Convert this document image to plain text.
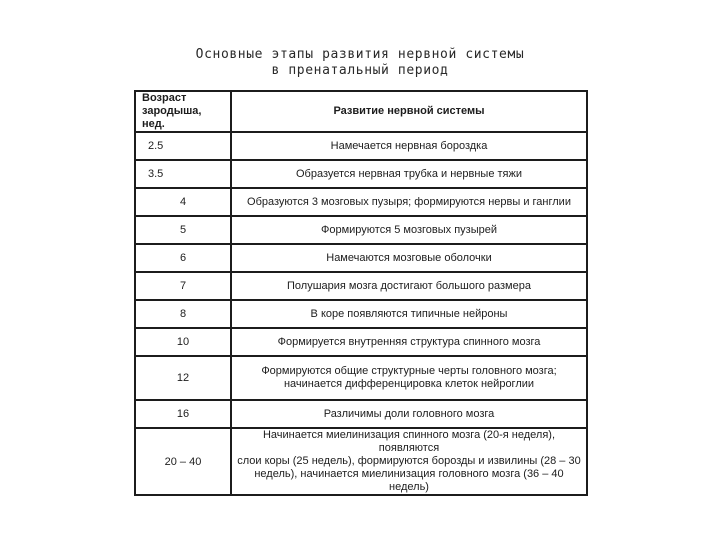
Основные этапы развития нервной системы
в пренатальный период
Возраст
зародыша, нед.	Развитие нервной системы
2.5	Намечается нервная бороздка
3.5	Образуется нервная трубка и нервные тяжи
4	Образуются 3 мозговых пузыря; формируются нервы и ганглии
5	Формируются 5 мозговых пузырей
6	Намечаются мозговые оболочки
7	Полушария мозга достигают большого размера
8	В коре появляются типичные нейроны
10	Формируется внутренняя структура спинного мозга
12	Формируются общие структурные черты головного мозга;
начинается дифференцировка клеток нейроглии
16	Различимы доли головного мозга
20 – 40	Начинается миелинизация спинного мозга (20-я неделя), появляются
слои коры (25 недель), формируются борозды и извилины (28 – 30
недель), начинается миелинизация головного мозга (36 – 40 недель)
